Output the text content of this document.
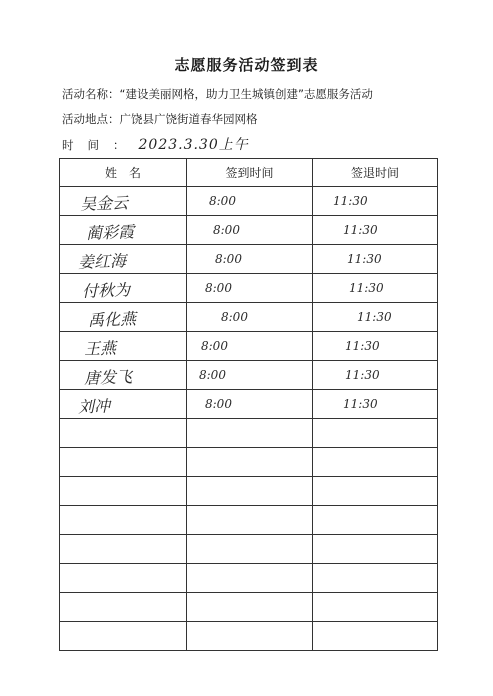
志愿服务活动签到表
活动名称：“建设美丽网格，助力卫生城镇创建”志愿服务活动
活动地点：广饶县广饶街道春华园网格
时间：2023.3.30上午
姓　名	签到时间	签退时间

吴金云	8:00	11:30

蔺彩霞	8:00	11:30

姜红海	8:00	11:30

付秋为	8:00	11:30

禹化燕	8:00	11:30

王燕	8:00	11:30

唐发飞	8:00	11:30

刘冲	8:00	11:30
